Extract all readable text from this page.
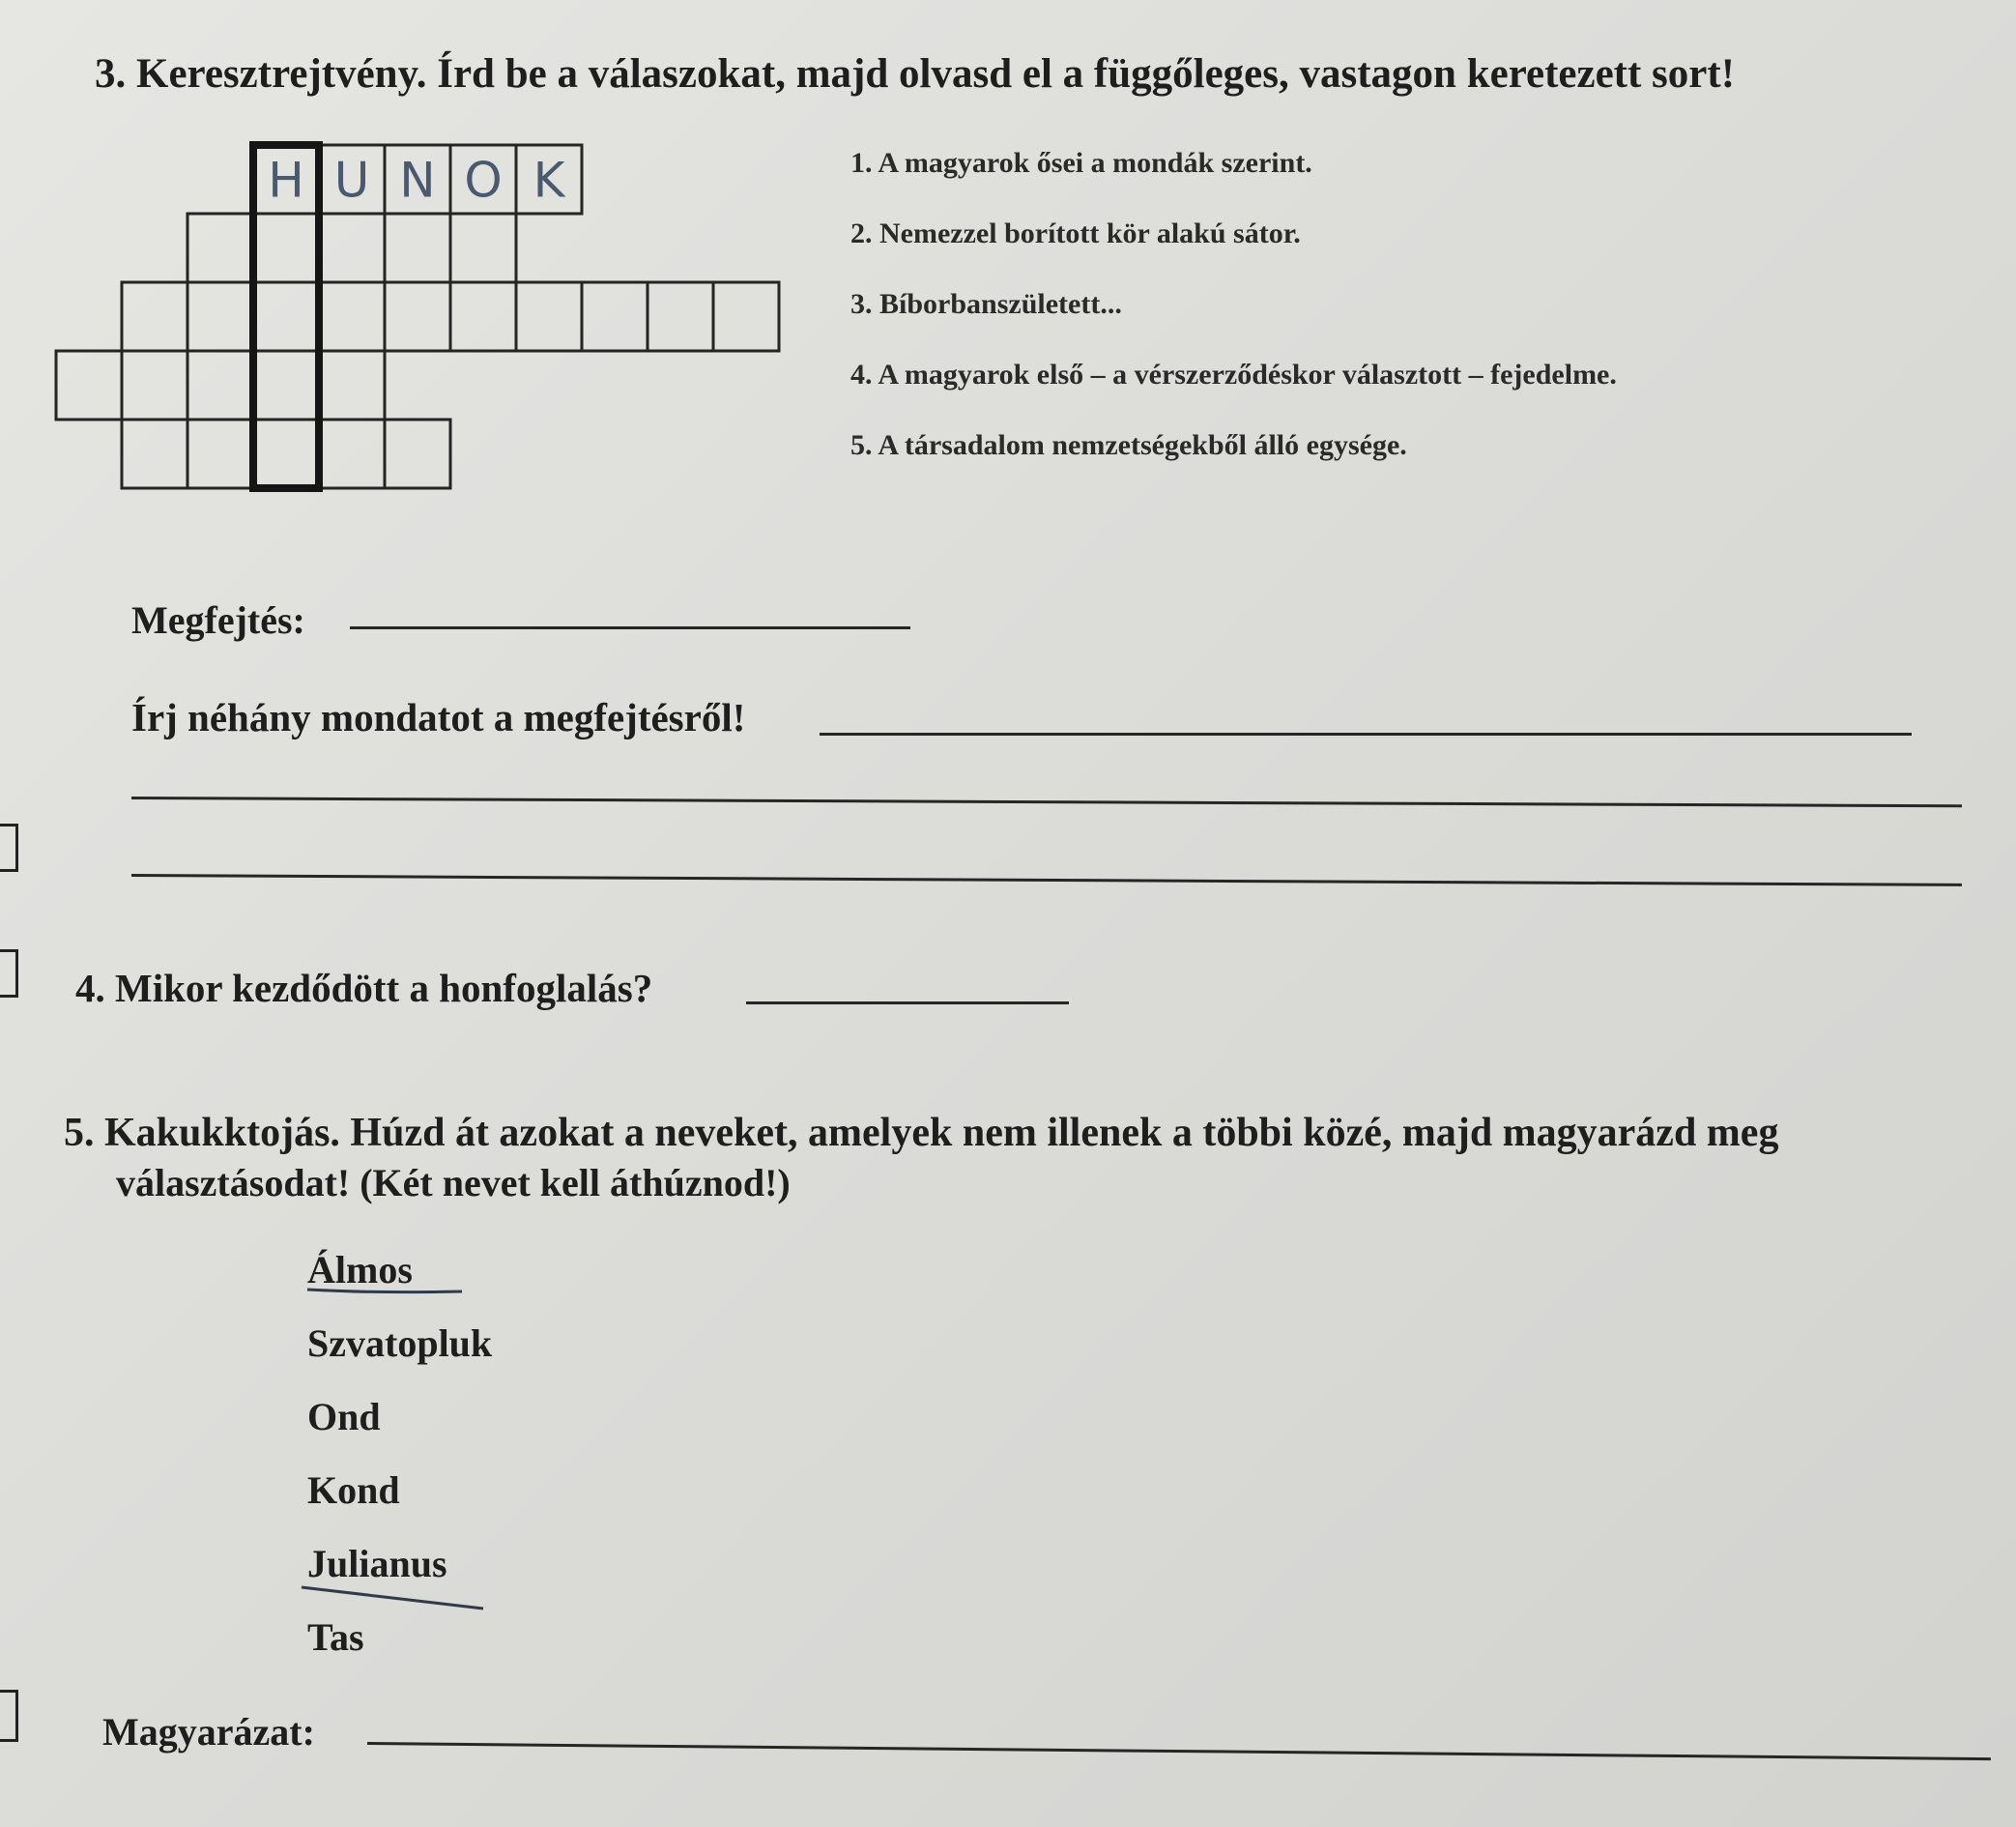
3. Keresztrejtvény. Írd be a válaszokat, majd olvasd el a függőleges, vastagon keretezett sort!
H U N O K	1. A magyarok ősei a mondák szerint.
2. Nemezzel borított kör alakú sátor.
3. Bíborbanszületett...
4. A magyarok első – a vérszerződéskor választott – fejedelme.
5. A társadalom nemzetségekből álló egysége.
Megfejtés:
Írj néhány mondatot a megfejtésről!
4. Mikor kezdődött a honfoglalás?
5. Kakukktojás. Húzd át azokat a neveket, amelyek nem illenek a többi közé, majd magyarázd meg
választásodat! (Két nevet kell áthúznod!)
Álmos
Szvatopluk
Ond
Kond
Julianus
Tas
Magyarázat:
